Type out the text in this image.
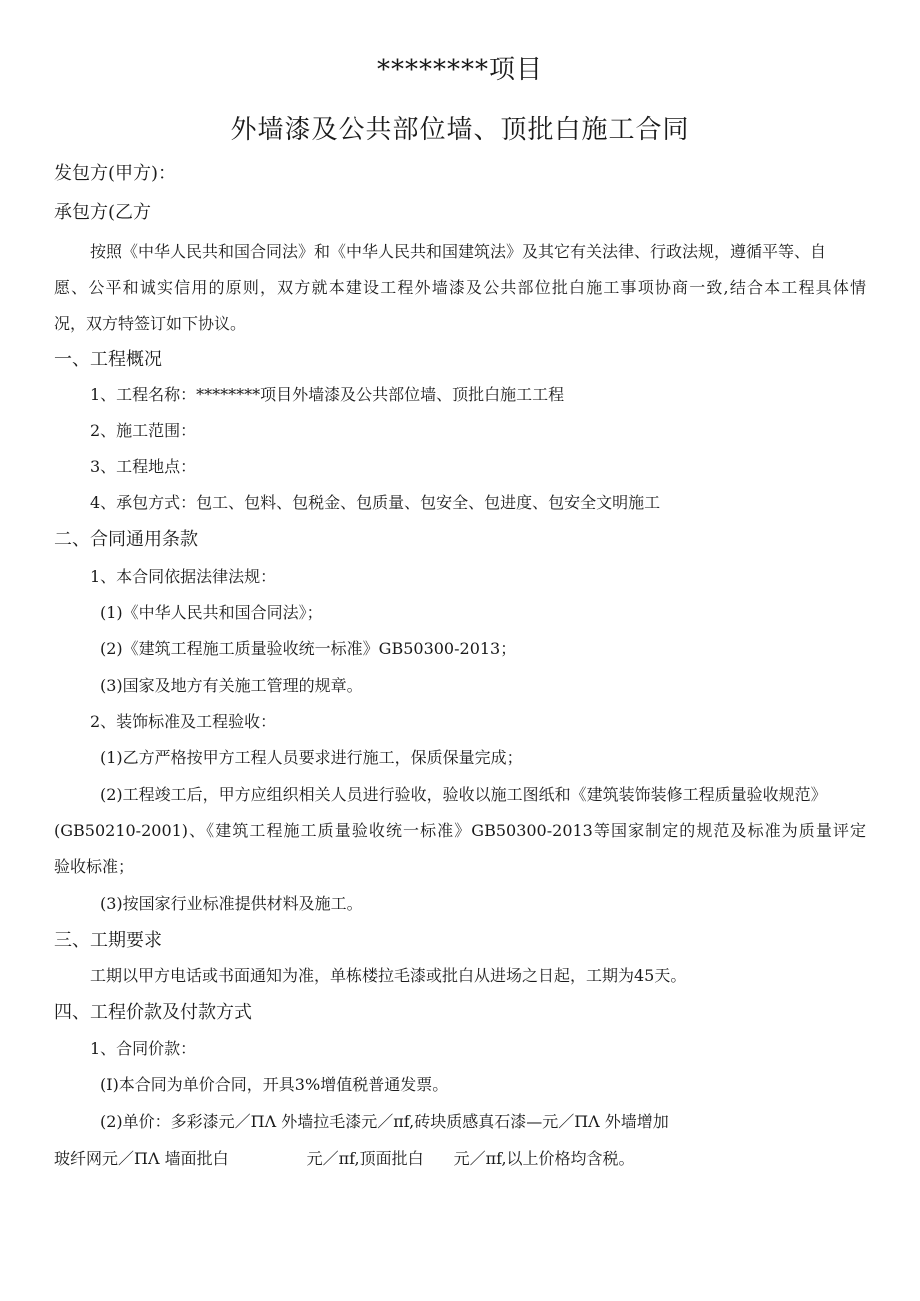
********项目
外墙漆及公共部位墙、顶批白施工合同
发包方(甲方)：
承包方(乙方
按照《中华人民共和国合同法》和《中华人民共和国建筑法》及其它有关法律、行政法规，遵循平等、自
愿、公平和诚实信用的原则，双方就本建设工程外墙漆及公共部位批白施工事项协商一致,结合本工程具体情
况，双方特签订如下协议。
一、工程概况
1、工程名称：********项目外墙漆及公共部位墙、顶批白施工工程
2、施工范围：
3、工程地点：
4、承包方式：包工、包料、包税金、包质量、包安全、包进度、包安全文明施工
二、合同通用条款
1、本合同依据法律法规：
(1)《中华人民共和国合同法》；
(2)《建筑工程施工质量验收统一标准》GB50300-2013；
(3)国家及地方有关施工管理的规章。
2、装饰标准及工程验收：
(1)乙方严格按甲方工程人员要求进行施工，保质保量完成；
(2)工程竣工后，甲方应组织相关人员进行验收，验收以施工图纸和《建筑装饰装修工程质量验收规范》
(GB50210-2001)、《建筑工程施工质量验收统一标准》GB50300-2013等国家制定的规范及标准为质量评定
验收标准；
(3)按国家行业标准提供材料及施工。
三、工期要求
工期以甲方电话或书面通知为准，单栋楼拉毛漆或批白从进场之日起，工期为45天。
四、工程价款及付款方式
1、合同价款：
(I)本合同为单价合同，开具3%增值税普通发票。
(2)单价：多彩漆元／ΠΛ 外墙拉毛漆元／πf,砖块质感真石漆—元／ΠΛ 外墙增加
玻纤网元／ΠΛ 墙面批白	元／πf,顶面批白 元／πf,以上价格均含税。
